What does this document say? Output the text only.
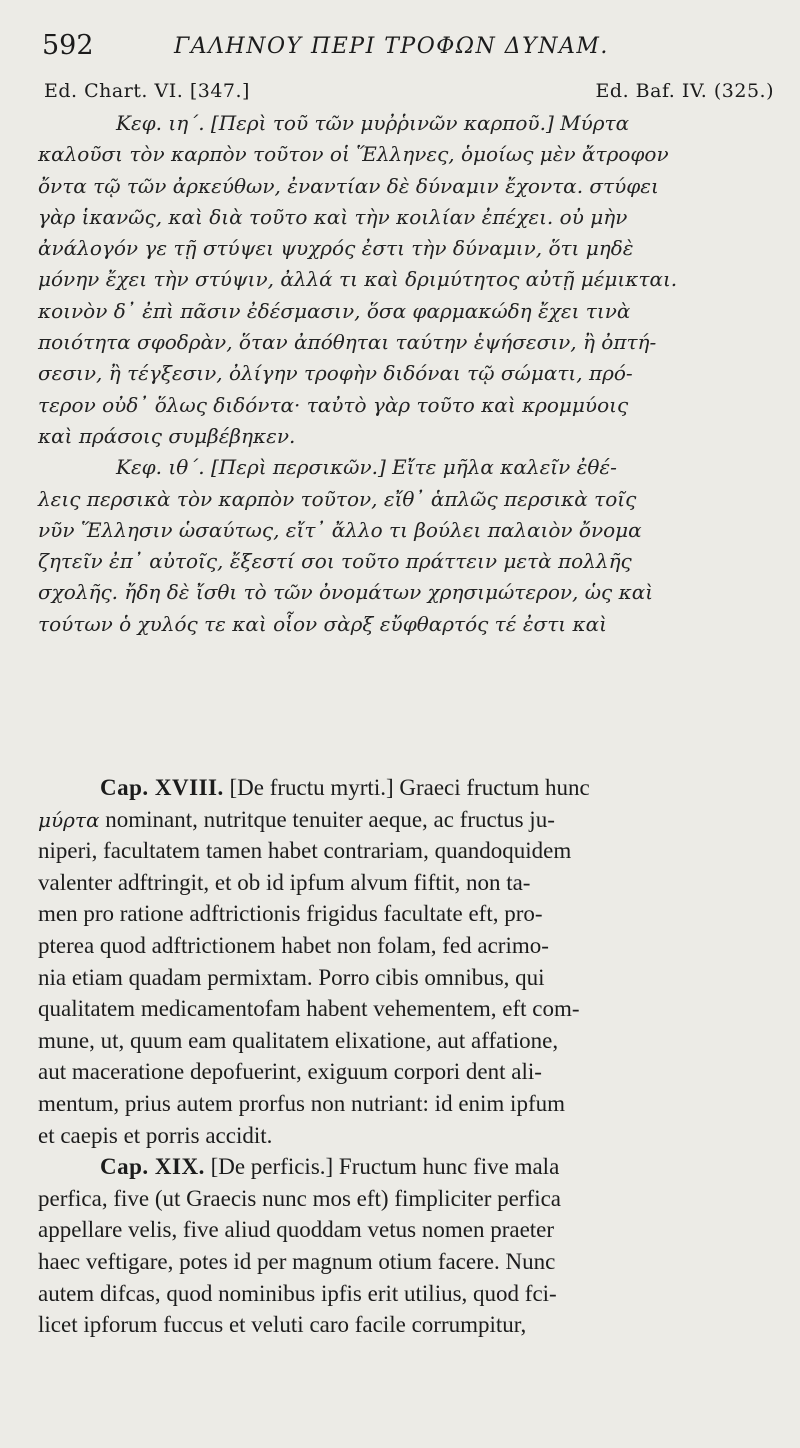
592	ΓΑΛΗΝΟΥ ΠΕΡΙ ΤΡΟΦΩΝ ΔΥΝΑΜ.
Ed. Chart. VI. [347.]	Ed. Baf. IV. (325.)
Κεφ. ιη΄. [Περὶ τοῦ τῶν μυῤῥινῶν καρποῦ.] Μύρτα
καλοῦσι τὸν καρπὸν τοῦτον οἱ Ἕλληνες, ὁμοίως μὲν ἄτροφον
ὄντα τῷ τῶν ἀρκεύθων, ἐναντίαν δὲ δύναμιν ἔχοντα. στύφει
γὰρ ἱκανῶς, καὶ διὰ τοῦτο καὶ τὴν κοιλίαν ἐπέχει. οὐ μὴν
ἀνάλογόν γε τῇ στύψει ψυχρός ἐστι τὴν δύναμιν, ὅτι μηδὲ
μόνην ἔχει τὴν στύψιν, ἀλλά τι καὶ δριμύτητος αὐτῇ μέμικται.
κοινὸν δ᾽ ἐπὶ πᾶσιν ἐδέσμασιν, ὅσα φαρμακώδη ἔχει τινὰ
ποιότητα σφοδρὰν, ὅταν ἀπόθηται ταύτην ἑψήσεσιν, ἢ ὀπτή-
σεσιν, ἢ τέγξεσιν, ὀλίγην τροφὴν διδόναι τῷ σώματι, πρό-
τερον οὐδ᾽ ὅλως διδόντα· ταὐτὸ γὰρ τοῦτο καὶ κρομμύοις
καὶ πράσοις συμβέβηκεν.
Κεφ. ιθ΄. [Περὶ περσικῶν.] Εἴτε μῆλα καλεῖν ἐθέ-
λεις περσικὰ τὸν καρπὸν τοῦτον, εἴθ᾽ ἁπλῶς περσικὰ τοῖς
νῦν Ἕλλησιν ὡσαύτως, εἴτ᾽ ἄλλο τι βούλει παλαιὸν ὄνομα
ζητεῖν ἐπ᾽ αὐτοῖς, ἔξεστί σοι τοῦτο πράττειν μετὰ πολλῆς
σχολῆς. ἤδη δὲ ἴσθι τὸ τῶν ὀνομάτων χρησιμώτερον, ὡς καὶ
τούτων ὁ χυλός τε καὶ οἷον σὰρξ εὔφθαρτός τέ ἐστι καὶ
Cap. XVIII. [De fructu myrti.] Graeci fructum hunc
μύρτα nominant, nutritque tenuiter aeque, ac fructus ju-
niperi, facultatem tamen habet contrariam, quandoquidem
valenter adftringit, et ob id ipfum alvum fiftit, non ta-
men pro ratione adftrictionis frigidus facultate eft, pro-
pterea quod adftrictionem habet non folam, fed acrimo-
nia etiam quadam permixtam. Porro cibis omnibus, qui
qualitatem medicamentofam habent vehementem, eft com-
mune, ut, quum eam qualitatem elixatione, aut affatione,
aut maceratione depofuerint, exiguum corpori dent ali-
mentum, prius autem prorfus non nutriant: id enim ipfum
et caepis et porris accidit.
Cap. XIX. [De perficis.] Fructum hunc five mala
perfica, five (ut Graecis nunc mos eft) fimpliciter perfica
appellare velis, five aliud quoddam vetus nomen praeter
haec veftigare, potes id per magnum otium facere. Nunc
autem difcas, quod nominibus ipfis erit utilius, quod fci-
licet ipforum fuccus et veluti caro facile corrumpitur,
